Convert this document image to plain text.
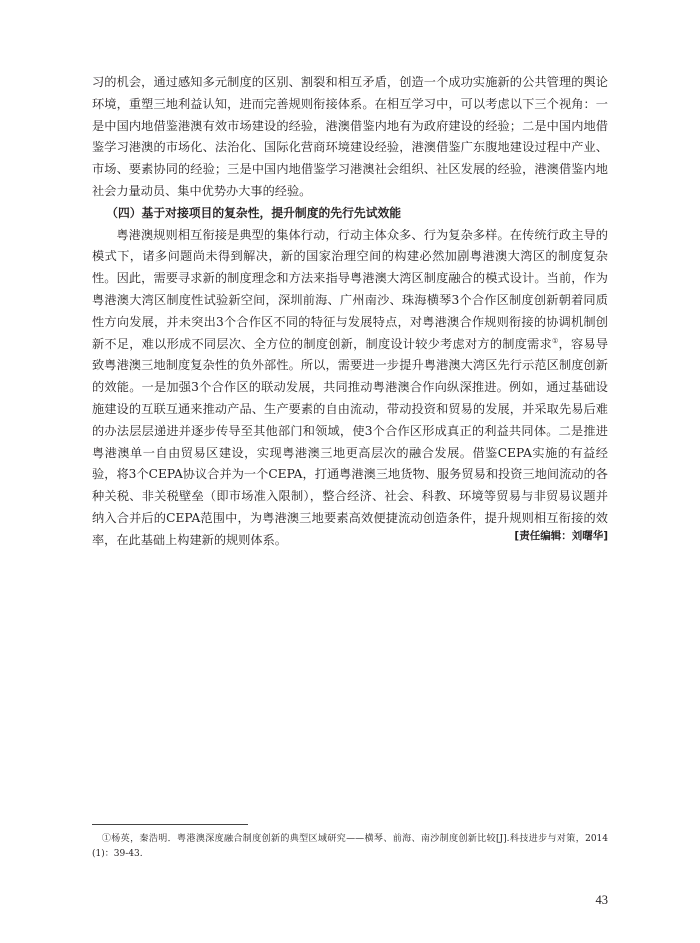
习的机会，通过感知多元制度的区别、割裂和相互矛盾，创造一个成功实施新的公共管理的舆论环境，重塑三地利益认知，进而完善规则衔接体系。在相互学习中，可以考虑以下三个视角：一是中国内地借鉴港澳有效市场建设的经验，港澳借鉴内地有为政府建设的经验；二是中国内地借鉴学习港澳的市场化、法治化、国际化营商环境建设经验，港澳借鉴广东腹地建设过程中产业、市场、要素协同的经验；三是中国内地借鉴学习港澳社会组织、社区发展的经验，港澳借鉴内地社会力量动员、集中优势办大事的经验。

（四）基于对接项目的复杂性，提升制度的先行先试效能

粤港澳规则相互衔接是典型的集体行动，行动主体众多、行为复杂多样。在传统行政主导的模式下，诸多问题尚未得到解决，新的国家治理空间的构建必然加剧粤港澳大湾区的制度复杂性。因此，需要寻求新的制度理念和方法来指导粤港澳大湾区制度融合的模式设计。当前，作为粤港澳大湾区制度性试验新空间，深圳前海、广州南沙、珠海横琴3个合作区制度创新朝着同质性方向发展，并未突出3个合作区不同的特征与发展特点，对粤港澳合作规则衔接的协调机制创新不足，难以形成不同层次、全方位的制度创新，制度设计较少考虑对方的制度需求①，容易导致粤港澳三地制度复杂性的负外部性。所以，需要进一步提升粤港澳大湾区先行示范区制度创新的效能。一是加强3个合作区的联动发展，共同推动粤港澳合作向纵深推进。例如，通过基础设施建设的互联互通来推动产品、生产要素的自由流动，带动投资和贸易的发展，并采取先易后难的办法层层递进并逐步传导至其他部门和领域，使3个合作区形成真正的利益共同体。二是推进粤港澳单一自由贸易区建设，实现粤港澳三地更高层次的融合发展。借鉴CEPA实施的有益经验，将3个CEPA协议合并为一个CEPA，打通粤港澳三地货物、服务贸易和投资三地间流动的各种关税、非关税壁垒（即市场准入限制），整合经济、社会、科教、环境等贸易与非贸易议题并纳入合并后的CEPA范围中，为粤港澳三地要素高效便捷流动创造条件，提升规则相互衔接的效率，在此基础上构建新的规则体系。	[责任编辑：刘曙华]
①杨英，秦浩明．粤港澳深度融合制度创新的典型区域研究——横琴、前海、南沙制度创新比较[J].科技进步与对策，2014(1)：39-43.
43
